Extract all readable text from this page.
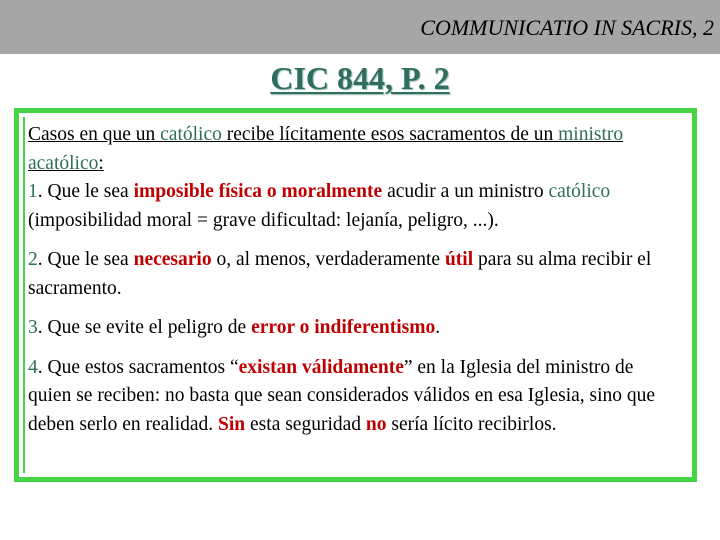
COMMUNICATIO IN SACRIS, 2
CIC 844, P. 2

Casos en que un católico recibe lícitamente esos sacramentos de un ministro acatólico:

1. Que le sea imposible física o moralmente acudir a un ministro católico (imposibilidad moral = grave dificultad: lejanía, peligro, ...).

2. Que le sea necesario o, al menos, verdaderamente útil para su alma recibir el sacramento.

3. Que se evite el peligro de error o indiferentismo.

4. Que estos sacramentos “existan válidamente” en la Iglesia del ministro de quien se reciben: no basta que sean considerados válidos en esa Iglesia, sino que deben serlo en realidad. Sin esta seguridad no sería lícito recibirlos.
